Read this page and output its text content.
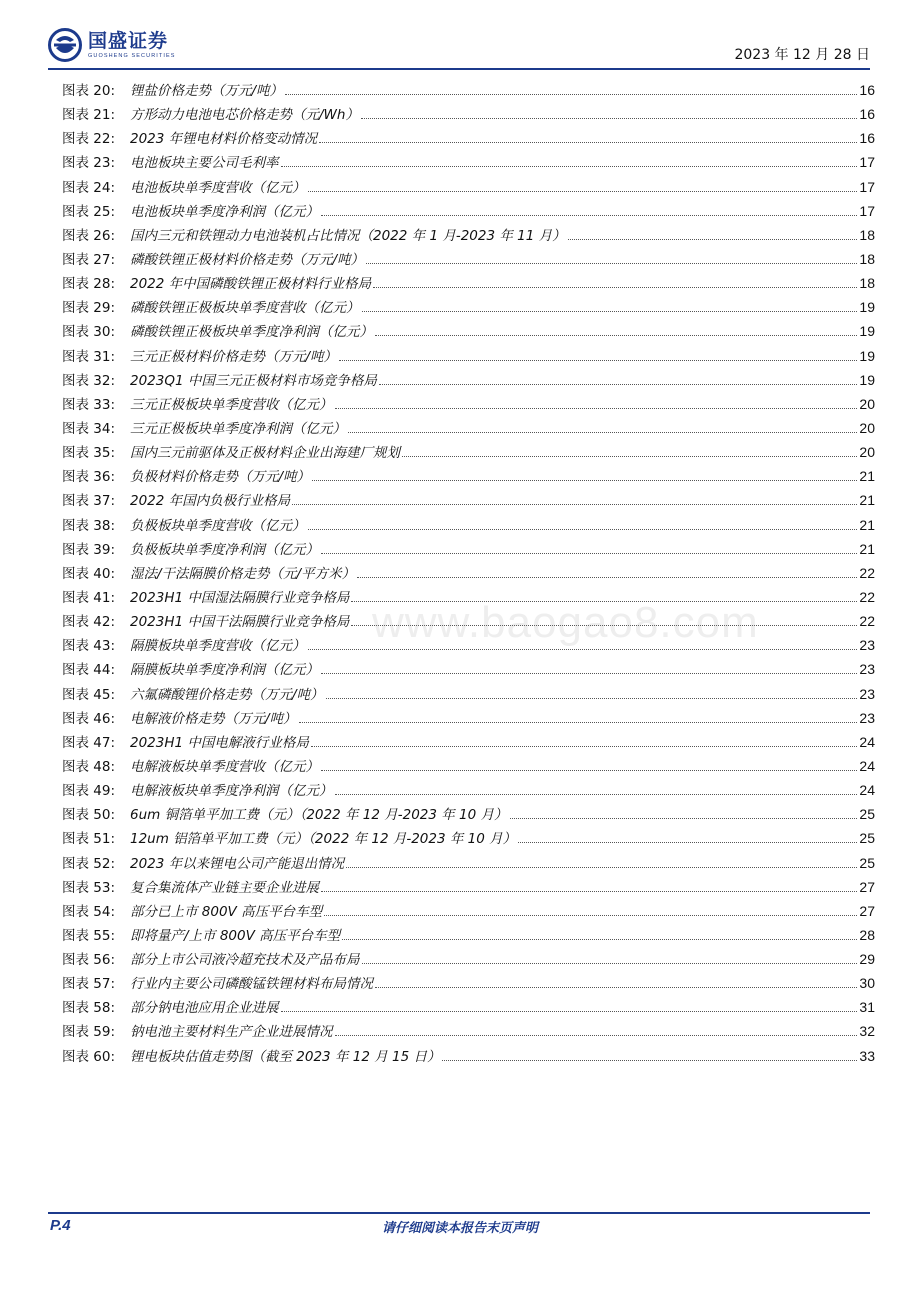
国盛证券
GUOSHENG SECURITIES	2023 年 12 月 28 日
图表 20:	锂盐价格走势（万元/吨）	16
图表 21:	方形动力电池电芯价格走势（元/Wh）	16
图表 22:	2023 年锂电材料价格变动情况	16
图表 23:	电池板块主要公司毛利率	17
图表 24:	电池板块单季度营收（亿元）	17
图表 25:	电池板块单季度净利润（亿元）	17
图表 26:	国内三元和铁锂动力电池装机占比情况（2022 年 1 月-2023 年 11 月）	18
图表 27:	磷酸铁锂正极材料价格走势（万元/吨）	18
图表 28:	2022 年中国磷酸铁锂正极材料行业格局	18
图表 29:	磷酸铁锂正极板块单季度营收（亿元）	19
图表 30:	磷酸铁锂正极板块单季度净利润（亿元）	19
图表 31:	三元正极材料价格走势（万元/吨）	19
图表 32:	2023Q1 中国三元正极材料市场竞争格局	19
图表 33:	三元正极板块单季度营收（亿元）	20
图表 34:	三元正极板块单季度净利润（亿元）	20
图表 35:	国内三元前驱体及正极材料企业出海建厂规划	20
图表 36:	负极材料价格走势（万元/吨）	21
图表 37:	2022 年国内负极行业格局	21
图表 38:	负极板块单季度营收（亿元）	21
图表 39:	负极板块单季度净利润（亿元）	21
图表 40:	湿法/干法隔膜价格走势（元/平方米）	22
图表 41:	2023H1 中国湿法隔膜行业竞争格局	22
图表 42:	2023H1 中国干法隔膜行业竞争格局	22
图表 43:	隔膜板块单季度营收（亿元）	23
图表 44:	隔膜板块单季度净利润（亿元）	23
图表 45:	六氟磷酸锂价格走势（万元/吨）	23
图表 46:	电解液价格走势（万元/吨）	23
图表 47:	2023H1 中国电解液行业格局	24
图表 48:	电解液板块单季度营收（亿元）	24
图表 49:	电解液板块单季度净利润（亿元）	24
图表 50:	6um 铜箔单平加工费（元）（2022 年 12 月-2023 年 10 月）	25
图表 51:	12um 铝箔单平加工费（元）（2022 年 12 月-2023 年 10 月）	25
图表 52:	2023 年以来锂电公司产能退出情况	25
图表 53:	复合集流体产业链主要企业进展	27
图表 54:	部分已上市 800V 高压平台车型	27
图表 55:	即将量产/上市 800V 高压平台车型	28
图表 56:	部分上市公司液冷超充技术及产品布局	29
图表 57:	行业内主要公司磷酸锰铁锂材料布局情况	30
图表 58:	部分钠电池应用企业进展	31
图表 59:	钠电池主要材料生产企业进展情况	32
图表 60:	锂电板块估值走势图（截至 2023 年 12 月 15 日）	33
www.baogao8.com
P.4	请仔细阅读本报告末页声明
